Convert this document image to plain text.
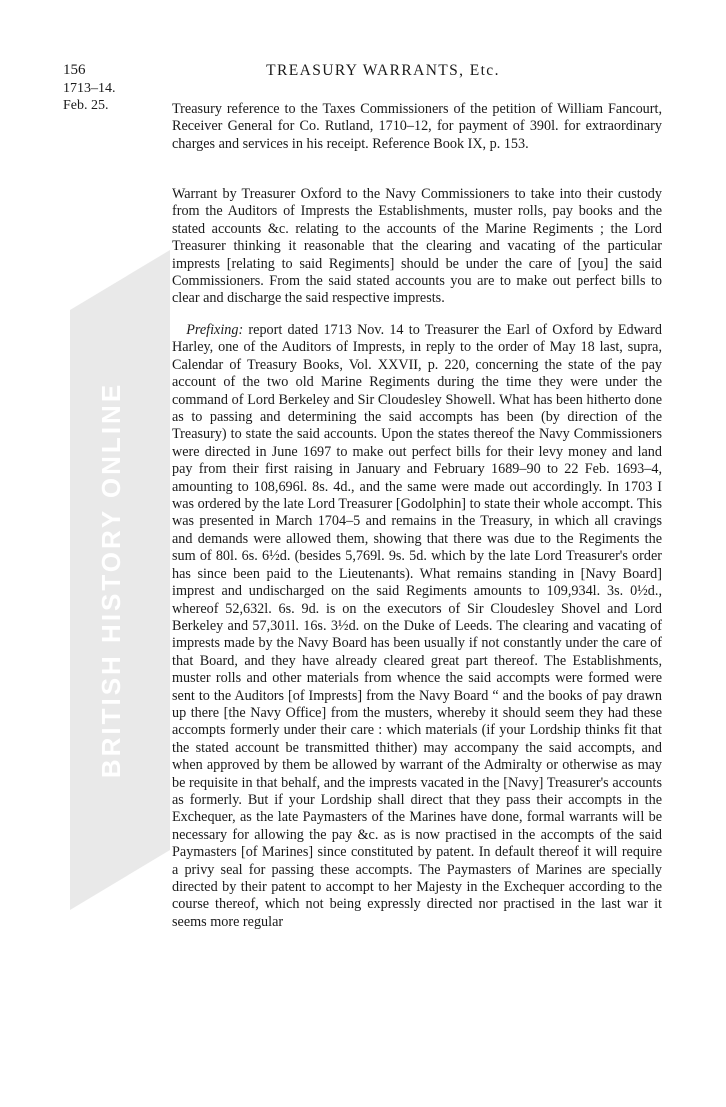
BRITISH HISTORY ONLINE
156	TREASURY WARRANTS, Etc.
1713–14.
Feb. 25.	Treasury reference to the Taxes Commissioners of the petition of William Fancourt, Receiver General for Co. Rutland, 1710–12, for payment of 390l. for extraordinary charges and services in his receipt. Reference Book IX, p. 153.

Warrant by Treasurer Oxford to the Navy Commissioners to take into their custody from the Auditors of Imprests the Establishments, muster rolls, pay books and the stated accounts &c. relating to the accounts of the Marine Regiments ; the Lord Treasurer thinking it reasonable that the clearing and vacating of the particular imprests [relating to said Regiments] should be under the care of [you] the said Commissioners. From the said stated accounts you are to make out perfect bills to clear and discharge the said respective imprests.

 Prefixing: report dated 1713 Nov. 14 to Treasurer the Earl of Oxford by Edward Harley, one of the Auditors of Imprests, in reply to the order of May 18 last, supra, Calendar of Treasury Books, Vol. XXVII, p. 220, concerning the state of the pay account of the two old Marine Regiments during the time they were under the command of Lord Berkeley and Sir Cloudesley Showell. What has been hitherto done as to passing and determining the said accompts has been (by direction of the Treasury) to state the said accounts. Upon the states thereof the Navy Commissioners were directed in June 1697 to make out perfect bills for their levy money and land pay from their first raising in January and February 1689–90 to 22 Feb. 1693–4, amounting to 108,696l. 8s. 4d., and the same were made out accordingly. In 1703 I was ordered by the late Lord Treasurer [Godolphin] to state their whole accompt. This was presented in March 1704–5 and remains in the Treasury, in which all cravings and demands were allowed them, showing that there was due to the Regiments the sum of 80l. 6s. 6½d. (besides 5,769l. 9s. 5d. which by the late Lord Treasurer's order has since been paid to the Lieutenants). What remains standing in [Navy Board] imprest and undischarged on the said Regiments amounts to 109,934l. 3s. 0½d., whereof 52,632l. 6s. 9d. is on the executors of Sir Cloudesley Shovel and Lord Berkeley and 57,301l. 16s. 3½d. on the Duke of Leeds. The clearing and vacating of imprests made by the Navy Board has been usually if not constantly under the care of that Board, and they have already cleared great part thereof. The Establishments, muster rolls and other materials from whence the said accompts were formed were sent to the Auditors [of Imprests] from the Navy Board “ and the books of pay drawn up there [the Navy Office] from the musters, whereby it should seem they had these accompts formerly under their care : which materials (if your Lordship thinks fit that the stated account be transmitted thither) may accompany the said accompts, and when approved by them be allowed by warrant of the Admiralty or otherwise as may be requisite in that behalf, and the imprests vacated in the [Navy] Treasurer's accounts as formerly. But if your Lordship shall direct that they pass their accompts in the Exchequer, as the late Paymasters of the Marines have done, formal warrants will be necessary for allowing the pay &c. as is now practised in the accompts of the said Paymasters [of Marines] since constituted by patent. In default thereof it will require a privy seal for passing these accompts. The Paymasters of Marines are specially directed by their patent to accompt to her Majesty in the Exchequer according to the course thereof, which not being expressly directed nor practised in the last war it seems more regular
